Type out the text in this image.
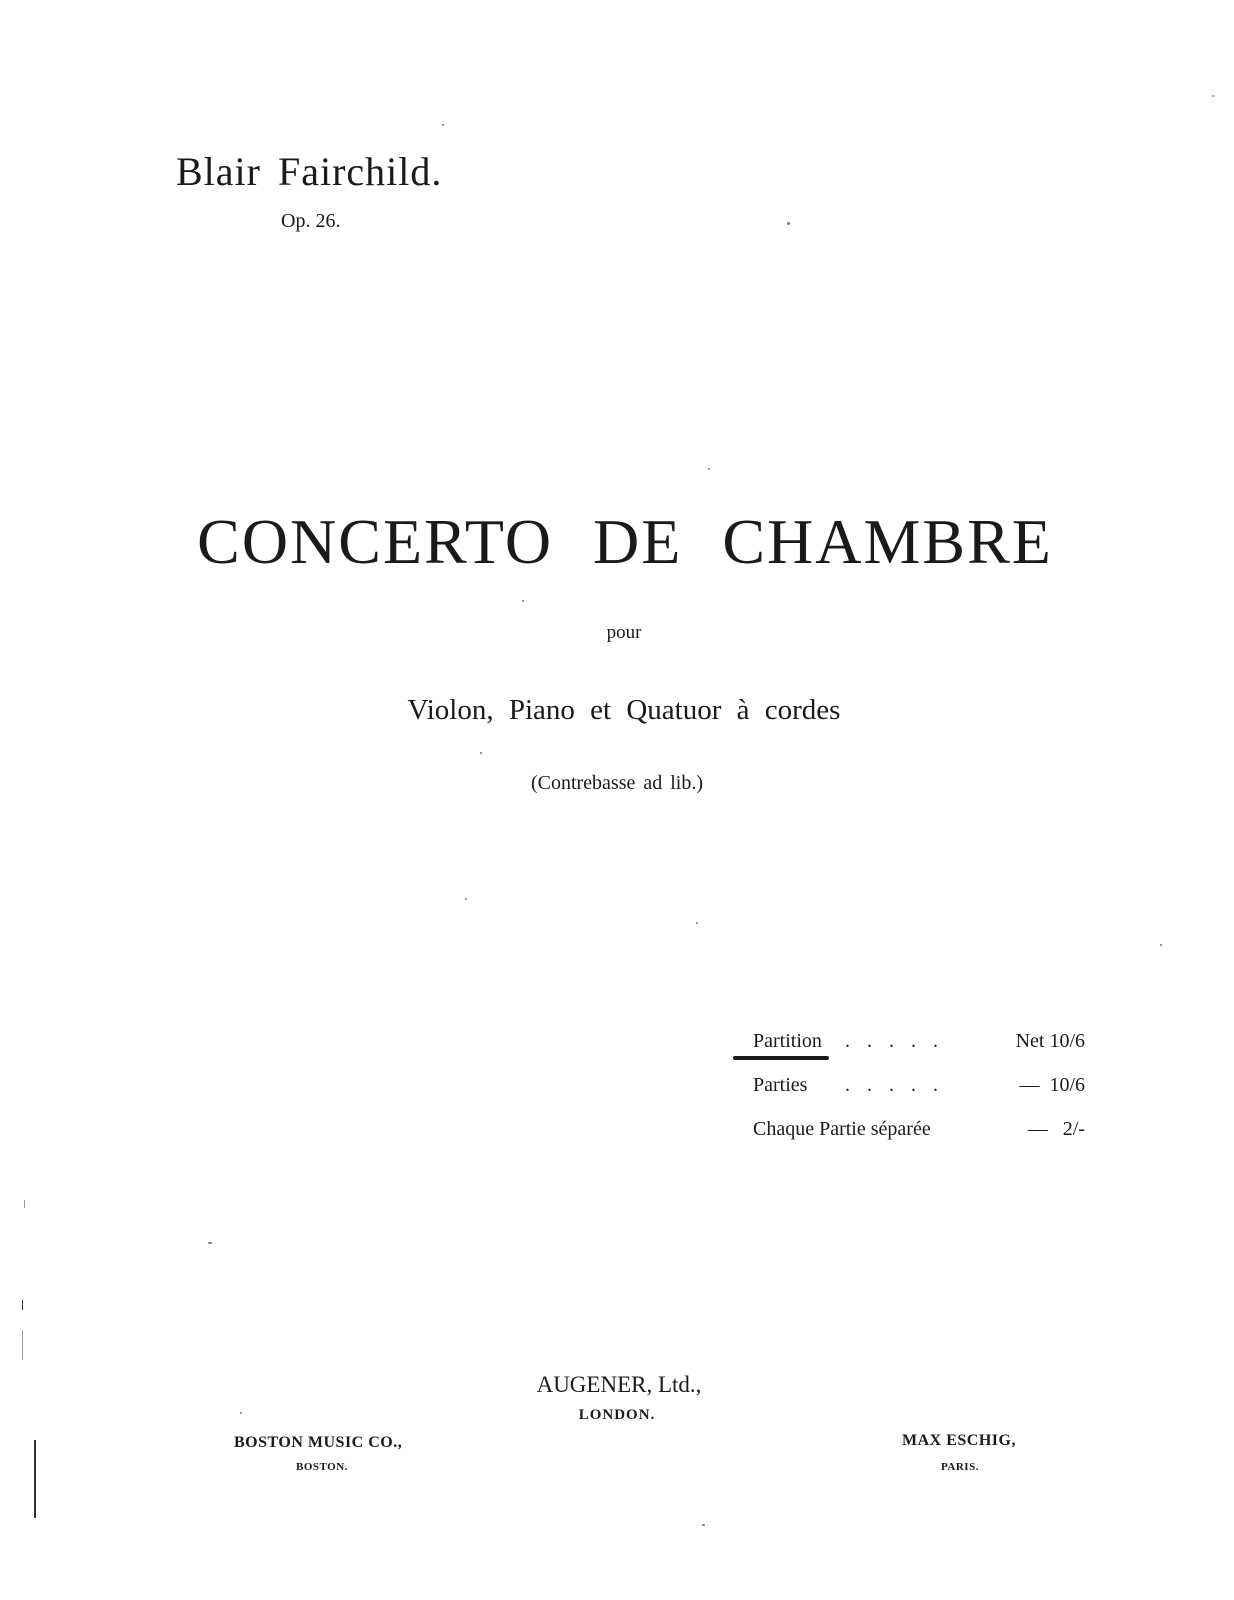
Blair Fairchild.
Op. 26.
CONCERTO DE CHAMBRE
pour
Violon, Piano et Quatuor à cordes
(Contrebasse ad lib.)
Partition . . . . .	Net 10/6
Parties . . . . .	—  10/6
Chaque Partie séparée	—   2/-
AUGENER, Ltd.,
LONDON.
BOSTON MUSIC CO.,
BOSTON.
MAX ESCHIG,
PARIS.
